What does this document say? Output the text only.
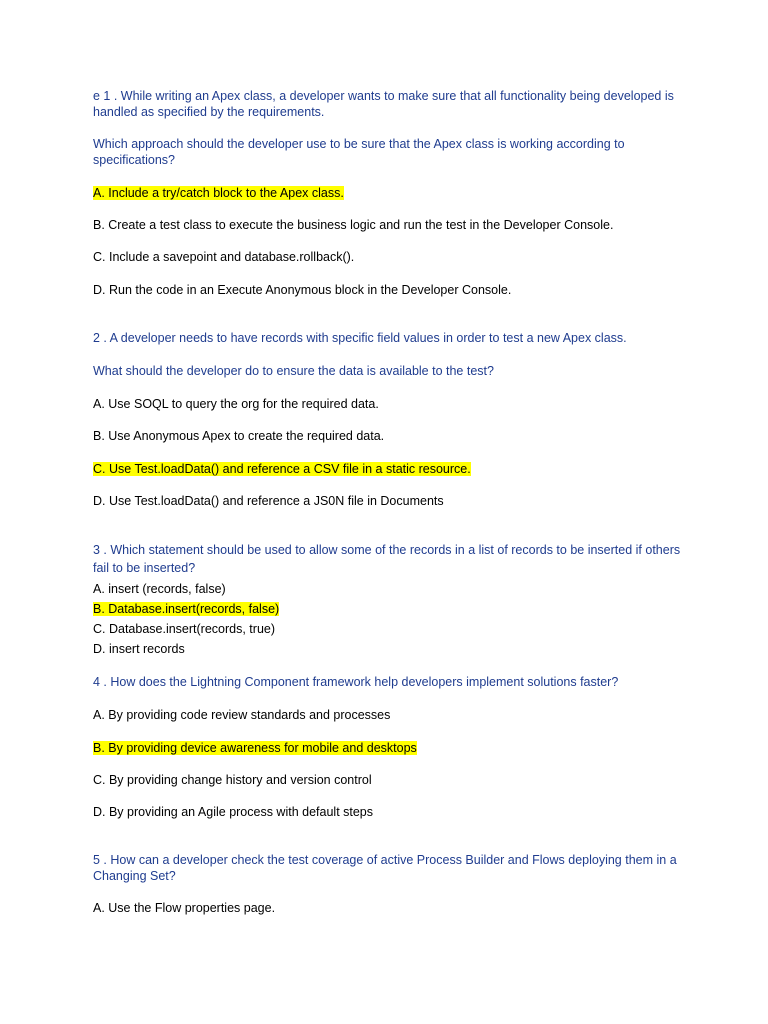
e 1 . While writing an Apex class, a developer wants to make sure that all functionality being developed is handled as specified by the requirements.

Which approach should the developer use to be sure that the Apex class is working according to specifications?

A. Include a try/catch block to the Apex class.

B. Create a test class to execute the business logic and run the test in the Developer Console.

C. Include a savepoint and database.rollback().

D. Run the code in an Execute Anonymous block in the Developer Console.

2 . A developer needs to have records with specific field values in order to test a new Apex class.

What should the developer do to ensure the data is available to the test?

A. Use SOQL to query the org for the required data.

B. Use Anonymous Apex to create the required data.

C. Use Test.loadData() and reference a CSV file in a static resource.

D. Use Test.loadData() and reference a JS0N file in Documents

3 . Which statement should be used to allow some of the records in a list of records to be inserted if others fail to be inserted?

A. insert (records, false)

B. Database.insert(records, false)

C. Database.insert(records, true)

D. insert records

4 . How does the Lightning Component framework help developers implement solutions faster?

A. By providing code review standards and processes

B. By providing device awareness for mobile and desktops

C. By providing change history and version control

D. By providing an Agile process with default steps

5 . How can a developer check the test coverage of active Process Builder and Flows deploying them in a Changing Set?

A. Use the Flow properties page.
